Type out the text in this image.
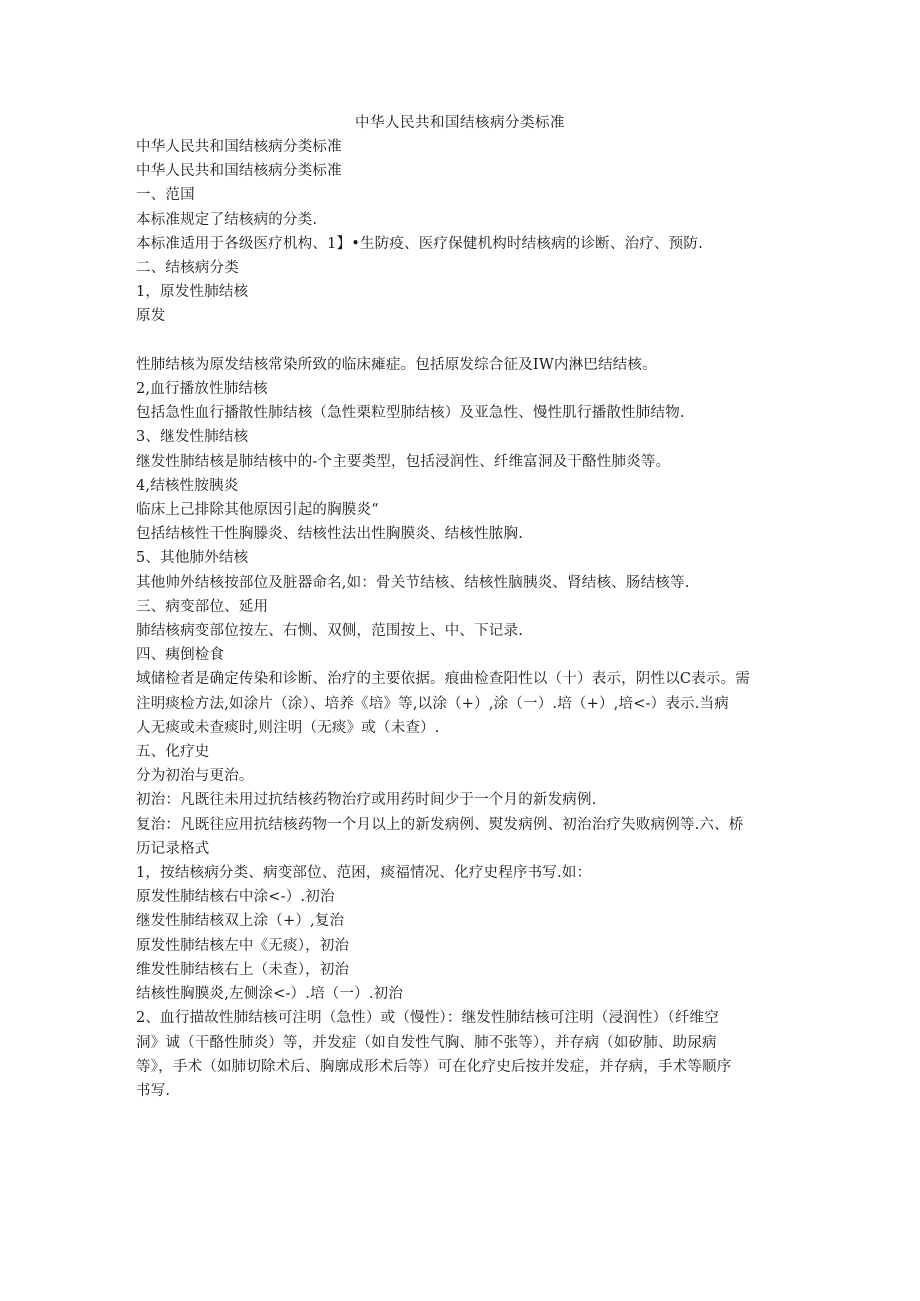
中华人民共和国结核病分类标准
中华人民共和国结核病分类标准
中华人民共和国结核病分类标准
一、范国
本标准规定了结核病的分类.
本标准适用于各级医疗机构、1】•生防疫、医疗保健机构时结核病的诊断、治疗、预防.
二、结核病分类
1，原发性肺结核
原发
性肺结核为原发结核常染所致的临床瘫症。包括原发综合征及IW内淋巴结结核。
2,血行播放性肺结核
包括急性血行播散性肺结核（急性栗粒型肺结核）及亚急性、慢性肌行播散性肺结物.
3、继发性肺结核
继发性肺结核是肺结核中的-个主要类型，包括浸润性、纤维富洞及干酪性肺炎等。
4,结核性胺胰炎
临床上己排除其他原因引起的胸膜炎“
包括结核性干性胸滕炎、结核性法出性胸膜炎、结核性脓胸.
5、其他肺外结核
其他帅外结核按部位及脏器命名,如：骨关节结核、结核性脑胰炎、肾结核、肠结核等.
三、病变部位、延用
肺结核病变部位按左、右恻、双侧，范围按上、中、下记录.
四、痍倒检食
域储检者是确定传染和诊断、治疗的主要依据。痕曲检查阳性以（十）表示，阴性以C表示。需
注明痰检方法,如涂片（涂）、培养《培》等,以涂（+）,涂（一）.培（+）,培<-）表示.当病
人无痰或未查痰时,则注明（无痰》或（未查）.
五、化疗史
分为初治与更治。
初治：凡既往未用过抗结核药物治疗或用药时间少于一个月的新发病例.
复治：凡既往应用抗结核药物一个月以上的新发病例、熨发病例、初治治疗失败病例等.六、桥
历记录格式
1，按结核病分类、病变部位、范困，痰福情况、化疗史程序书写.如：
原发性肺结核右中涂<-）.初治
继发性肺结核双上涂（+）,复治
原发性肺结核左中《无痰），初治
维发性肺结核右上（未查），初治
结核性胸膜炎,左侧涂<-）.培（一）.初治
2、血行描故性肺结核可注明（急性）或（慢性）：继发性肺结核可注明（浸润性）（纤维空
洞》诚（干酪性肺炎）等，并发症（如自发性气胸、肺不张等），并存病（如矽肺、助尿病
等》，手术（如肺切除术后、胸廓成形术后等）可在化疗史后按并发症，并存病，手术等顺序
书写.
